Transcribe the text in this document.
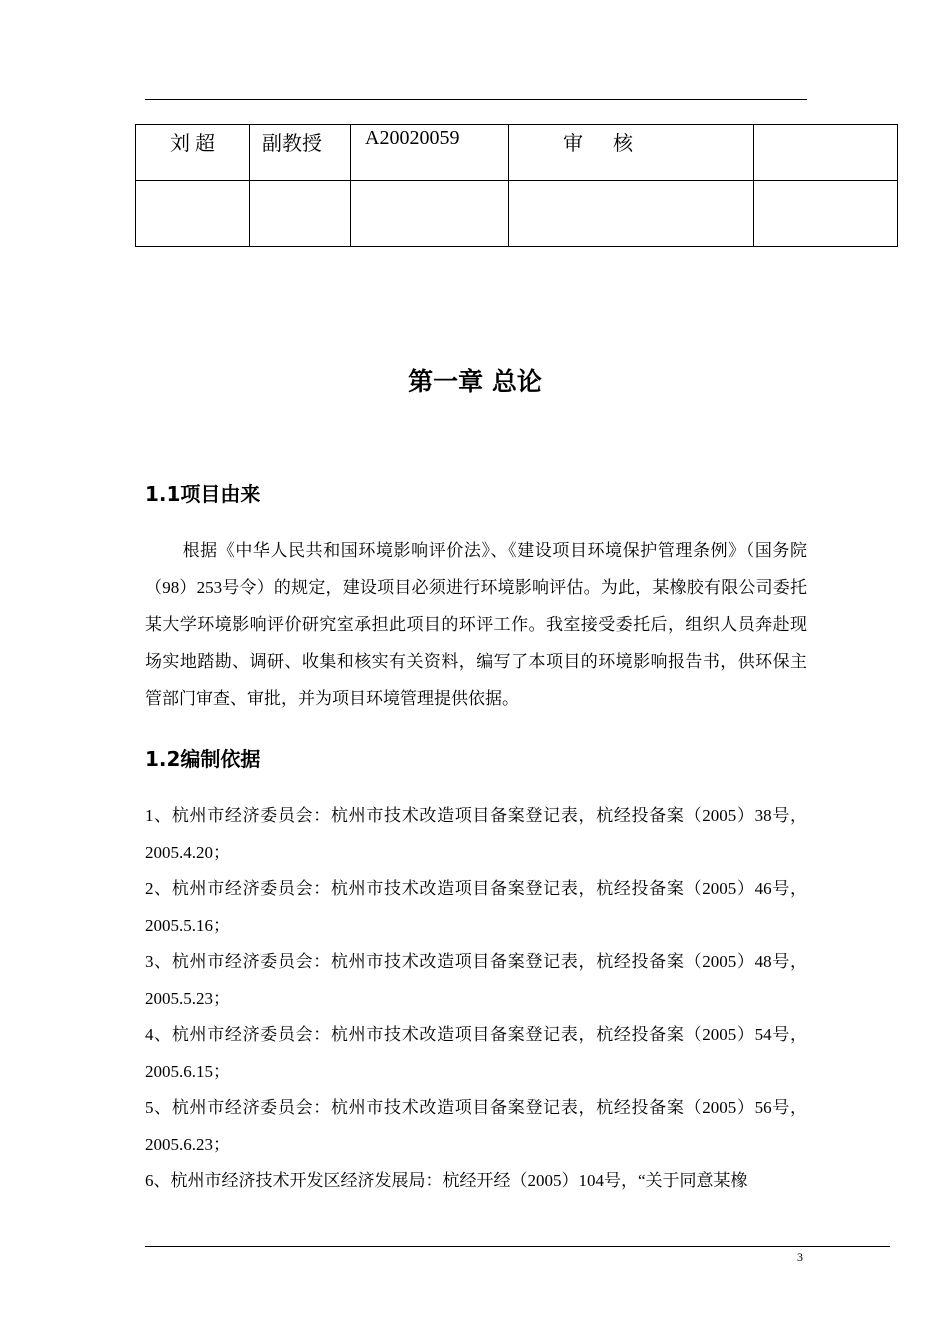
刘 超	副教授	A20020059	审核	

第一章 总论
1.1项目由来

根据《中华人民共和国环境影响评价法》、《建设项目环境保护管理条例》（国务院（98）253号令）的规定，建设项目必须进行环境影响评估。为此，某橡胶有限公司委托某大学环境影响评价研究室承担此项目的环评工作。我室接受委托后，组织人员奔赴现场实地踏勘、调研、收集和核实有关资料，编写了本项目的环境影响报告书，供环保主管部门审查、审批，并为项目环境管理提供依据。

1.2编制依据

1、杭州市经济委员会：杭州市技术改造项目备案登记表，杭经投备案（2005）38号，2005.4.20；

2、杭州市经济委员会：杭州市技术改造项目备案登记表，杭经投备案（2005）46号，2005.5.16；

3、杭州市经济委员会：杭州市技术改造项目备案登记表，杭经投备案（2005）48号，2005.5.23；

4、杭州市经济委员会：杭州市技术改造项目备案登记表，杭经投备案（2005）54号，2005.6.15；

5、杭州市经济委员会：杭州市技术改造项目备案登记表，杭经投备案（2005）56号，2005.6.23；

6、杭州市经济技术开发区经济发展局：杭经开经（2005）104号，“关于同意某橡

3
